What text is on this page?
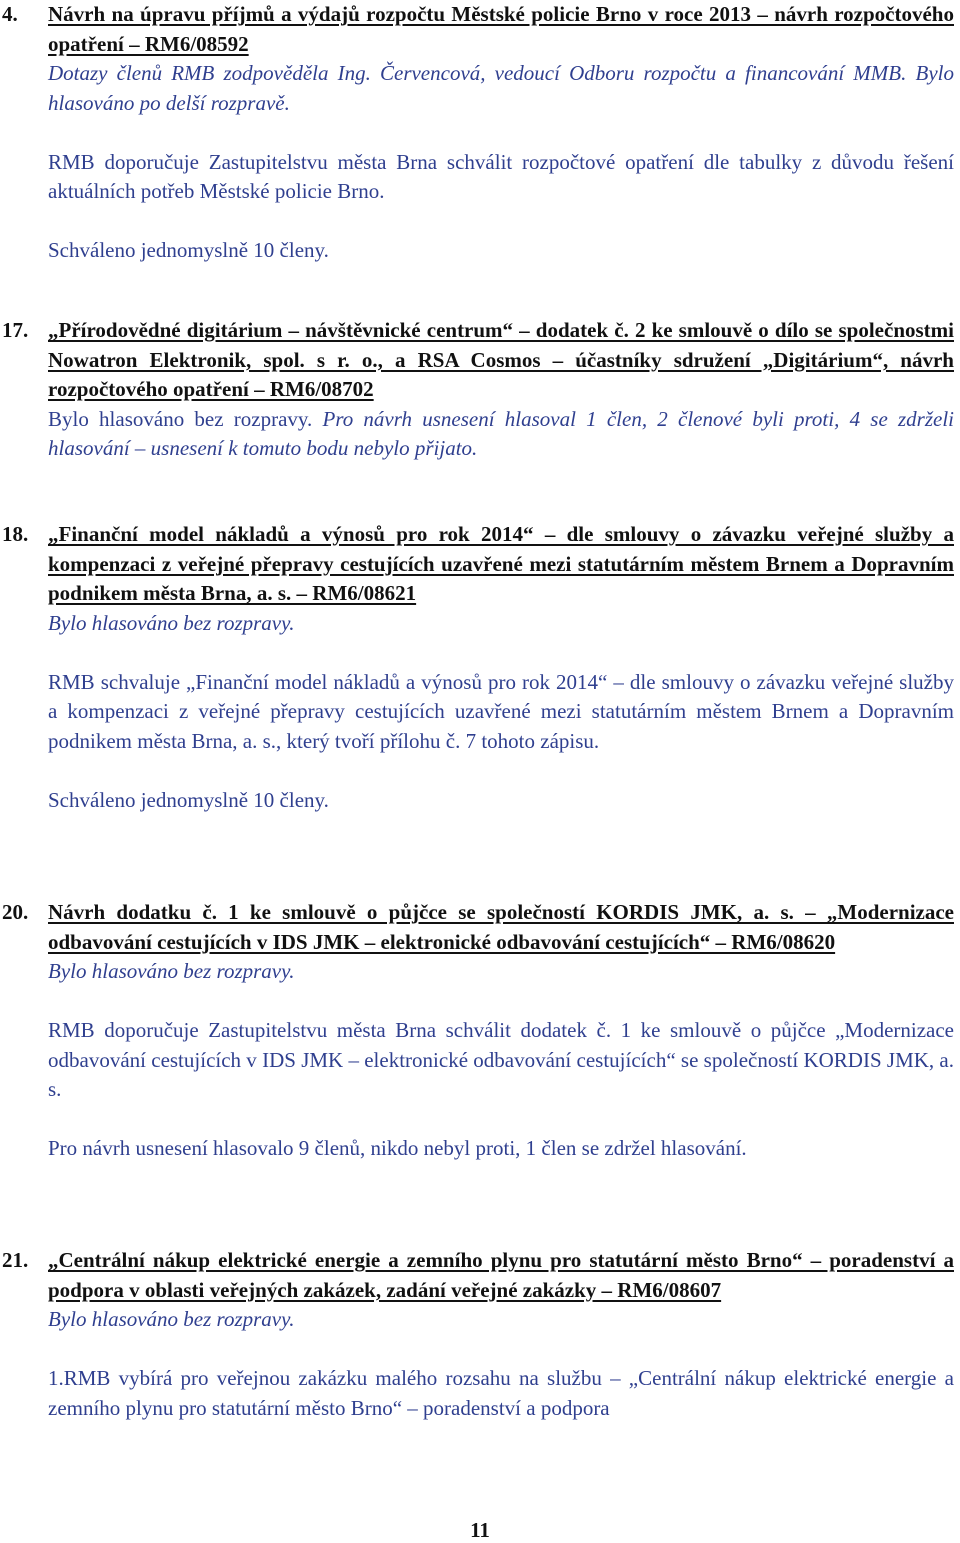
4. Návrh na úpravu příjmů a výdajů rozpočtu Městské policie Brno v roce 2013 – návrh rozpočtového opatření – RM6/08592
Dotazy členů RMB zodpověděla Ing. Červencová, vedoucí Odboru rozpočtu a financování MMB. Bylo hlasováno po delší rozpravě.
RMB doporučuje Zastupitelstvu města Brna schválit rozpočtové opatření dle tabulky z důvodu řešení aktuálních potřeb Městské policie Brno.
Schváleno jednomyslně 10 členy.
17. „Přírodovědné digitárium – návštěvnické centrum“ – dodatek č. 2 ke smlouvě o dílo se společnostmi Nowatron Elektronik, spol. s r. o., a RSA Cosmos – účastníky sdružení „Digitárium“, návrh rozpočtového opatření – RM6/08702
Bylo hlasováno bez rozpravy. Pro návrh usnesení hlasoval 1 člen, 2 členové byli proti, 4 se zdrželi hlasování – usnesení k tomuto bodu nebylo přijato.
18. „Finanční model nákladů a výnosů pro rok 2014“ – dle smlouvy o závazku veřejné služby a kompenzaci z veřejné přepravy cestujících uzavřené mezi statutárním městem Brnem a Dopravním podnikem města Brna, a. s. – RM6/08621
Bylo hlasováno bez rozpravy.
RMB schvaluje „Finanční model nákladů a výnosů pro rok 2014“ – dle smlouvy o závazku veřejné služby a kompenzaci z veřejné přepravy cestujících uzavřené mezi statutárním městem Brnem a Dopravním podnikem města Brna, a. s., který tvoří přílohu č. 7 tohoto zápisu.
Schváleno jednomyslně 10 členy.
20. Návrh dodatku č. 1 ke smlouvě o půjčce se společností KORDIS JMK, a. s. – „Modernizace odbavování cestujících v IDS JMK – elektronické odbavování cestujících“ – RM6/08620
Bylo hlasováno bez rozpravy.
RMB doporučuje Zastupitelstvu města Brna schválit dodatek č. 1 ke smlouvě o půjčce „Modernizace odbavování cestujících v IDS JMK – elektronické odbavování cestujících“ se společností KORDIS JMK, a. s.
Pro návrh usnesení hlasovalo 9 členů, nikdo nebyl proti, 1 člen se zdržel hlasování.
21. „Centrální nákup elektrické energie a zemního plynu pro statutární město Brno“ – poradenství a podpora v oblasti veřejných zakázek, zadání veřejné zakázky – RM6/08607
Bylo hlasováno bez rozpravy.
1.RMB vybírá pro veřejnou zakázku malého rozsahu na službu – „Centrální nákup elektrické energie a zemního plynu pro statutární město Brno“ – poradenství a podpora
11
